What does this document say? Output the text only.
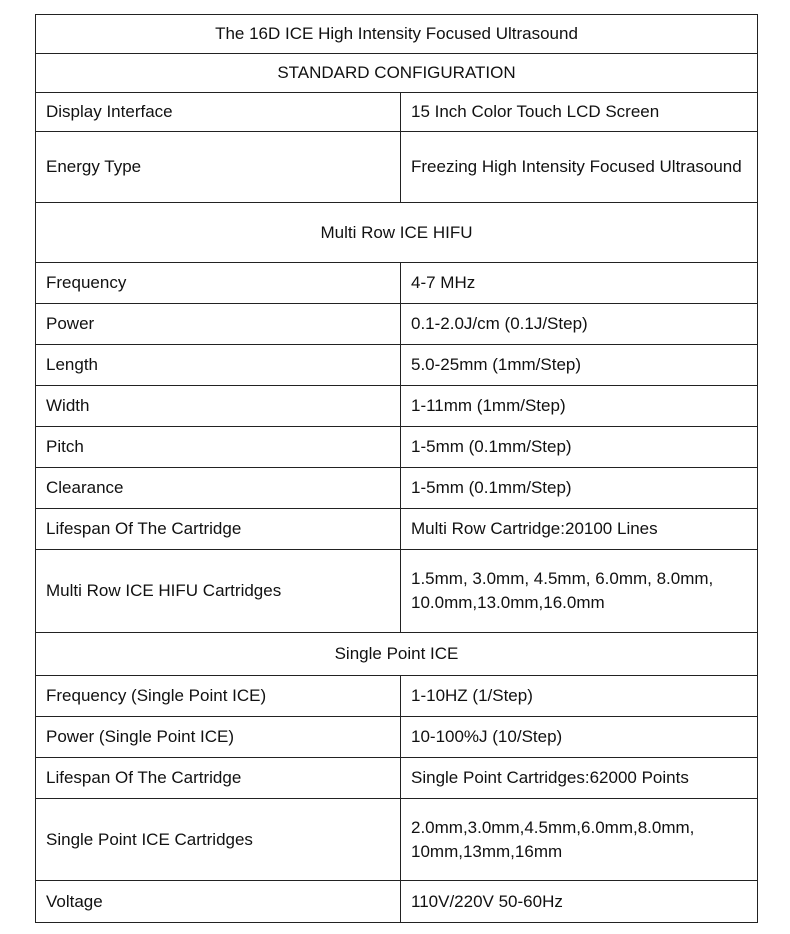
The 16D ICE High Intensity Focused Ultrasound	
STANDARD CONFIGURATION	
Display Interface	15 Inch Color Touch LCD Screen
Energy Type	Freezing High Intensity Focused Ultrasound
Multi Row ICE HIFU	
Frequency	4-7 MHz
Power	0.1-2.0J/cm (0.1J/Step)
Length	5.0-25mm (1mm/Step)
Width	1-11mm (1mm/Step)
Pitch	1-5mm (0.1mm/Step)
Clearance	1-5mm (0.1mm/Step)
Lifespan Of The Cartridge	Multi Row Cartridge:20100 Lines
Multi Row ICE HIFU Cartridges	1.5mm, 3.0mm, 4.5mm, 6.0mm, 8.0mm, 10.0mm,13.0mm,16.0mm
Single Point ICE	
Frequency (Single Point ICE)	1-10HZ (1/Step)
Power (Single Point ICE)	10-100%J (10/Step)
Lifespan Of The Cartridge	Single Point Cartridges:62000 Points
Single Point ICE Cartridges	2.0mm,3.0mm,4.5mm,6.0mm,8.0mm, 10mm,13mm,16mm
Voltage	110V/220V 50-60Hz
